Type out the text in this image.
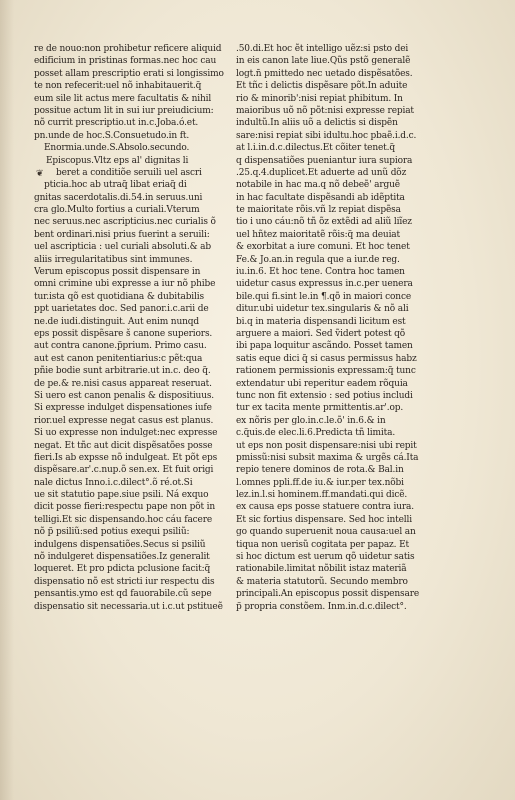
re de nouo:non prohibetur reficere aliquid
edificium in pristinas formas.nec hoc cau
posset allam prescriptio erati si longissimo
te non refecerit:uel nõ inhabitauerit.q̃
eum sile lit actus mere facultatis & nihil
possitue actum lit in sui iur preiudicium:
nõ currit prescriptio.ut in.c.Joba.ó.et.
pn.unde de hoc.S.Consuetudo.in ft.
Enormia.unde.S.Absolo.secundo.
Episcopus.Vltz eps al' dignitas li
beret a conditiõe seruili uel ascri
❦
pticia.hoc ab utraq̃ libat eriaq̃ di
gnitas sacerdotalis.di.54.in seruus.uni
cra glo.Multo fortius a curiali.Vterum
nec seruus.nec ascripticius.nec curialis õ
bent ordinari.nisi prius fuerint a seruili:
uel ascripticia : uel curiali absoluti.& ab
aliis irregularitatibus sint immunes.
Verum episcopus possit dispensare in
omni crimine ubi expresse a iur nõ phibe
tur.ista qõ est quotidiana & dubitabilis
ppt uarietates doc. Sed panor.i.c.arii de
ne.de iudi.distinguit. Aut enim nunqd
eps possit dispẽsare š canone superiors.
aut contra canone.p̃prium. Primo casu.
aut est canon penitentiarius:c pẽt:qua
pñie bodie sunt arbitrarie.ut in.c. deo q̃.
de pe.& re.nisi casus appareat reseruat.
Si uero est canon penalis & dispositiuus.
Si expresse indulget dispensationes iufe
rior.uel expresse negat casus est planus.
Si uo expresse non indulget:nec expresse
negat. Et tñc aut dicit dispẽsatões posse
fieri.Is ab expsse nõ indulgeat. Et põt eps
dispẽsare.ar'.c.nup.õ sen.ex. Et fuit origi
nale dictus Inno.i.c.dilect°.õ ré.ot.Si
ue sit statutio pape.siue psili. Ná exquo
dicit posse fieri:respectu pape non põt in
telligi.Et sic dispensando.hoc cáu facere
nõ p̃ psiliũ:sed potius exequi psiliũ:
indulgens dispensatiões.Secus si psiliũ
nõ indulgeret dispensatiões.Iz generalit
loqueret. Et pro pdicta pclusione facit:q̃
dispensatio nõ est stricti iur respectu dis
pensantis.ymo est qd fauorabile.cũ sepe
dispensatio sit necessaria.ut i.c.ut pstitueẽ
.50.di.Et hoc ẽt intelligo uẽz:si psto dei
in eis canon late liue.Qũs pstõ generalẽ
logt.n̄ pmittedo nec uetado dispẽsatões.
Et tñc i delictis dispẽsare põt.In aduite
rio & minorib':nisi repiat phibitum. In
maioribus uõ nõ põt:nisi expresse repiat
indultũ.In aliis uõ a delictis si dispẽn
sare:nisi repiat sibi idultu.hoc pbaẽ.i.d.c.
at l.i.in.d.c.dilectus.Et cõiter tenet.q̃
q dispensatiões pueniantur iura supiora
.25.q.4.duplicet.Et aduerte ad unũ dõz
notabile in hac ma.q nõ debeẽ' arguẽ
in hac facultate dispẽsandi ab idẽptita
te maioritate rõis.vñ lz repiat dispẽsa
tio i uno cáu:nõ tñ õz extẽdi ad aliũ liĩez
uel hñtez maioritatẽ rõis:q̃ ma deuiat
& exorbitat a iure comuni. Et hoc tenet
Fe.& Jo.an.in regula que a iur.de reg.
iu.in.6. Et hoc tene. Contra hoc tamen
uidetur casus expressus in.c.per uenera
bile.qui fi.sint le.in ¶.qõ in maiori conce
ditur.ubi uidetur tex.singularis & nõ ali
bi.q in materia dispensandi licitum est
arguere a maiori. Sed ṽidert potest qõ
ibi papa loquitur ascãndo. Posset tamen
satis eque dici q̃ si casus permissus habz
rationem permissionis expressam:q̃ tunc
extendatur ubi reperitur eadem rõquia
tunc non fit extensio : sed potius includi
tur ex tacita mente prmittentis.ar'.op.
ex nõris per glo.in.c.le.õ' in.6.& in
c.q̃uis.de elec.li.6.Predicta tñ limita.
ut eps non posit dispensare:nisi ubi repit
pmissũ:nisi subsit maxima & urgẽs cá.Ita
repio tenere dominos de rota.& Bal.in
l.omnes ppli.ff.de iu.& iur.per tex.nõbi
lez.in.l.si hominem.ff.mandati.qui dicẽ.
ex causa eps posse statuere contra iura.
Et sic fortius dispensare. Sed hoc intelli
go quando superuenit noua causa:uel an
tiqua non uerisũ cogitata per papaz. Et
si hoc dictum est uerum qõ uidetur satis
rationabile.limitat nõbilit istaz materiã
& materia statutorũ. Secundo membro
principali.An episcopus possit dispensare
p̃ propria constõem. Inm.in.d.c.dilect°.
